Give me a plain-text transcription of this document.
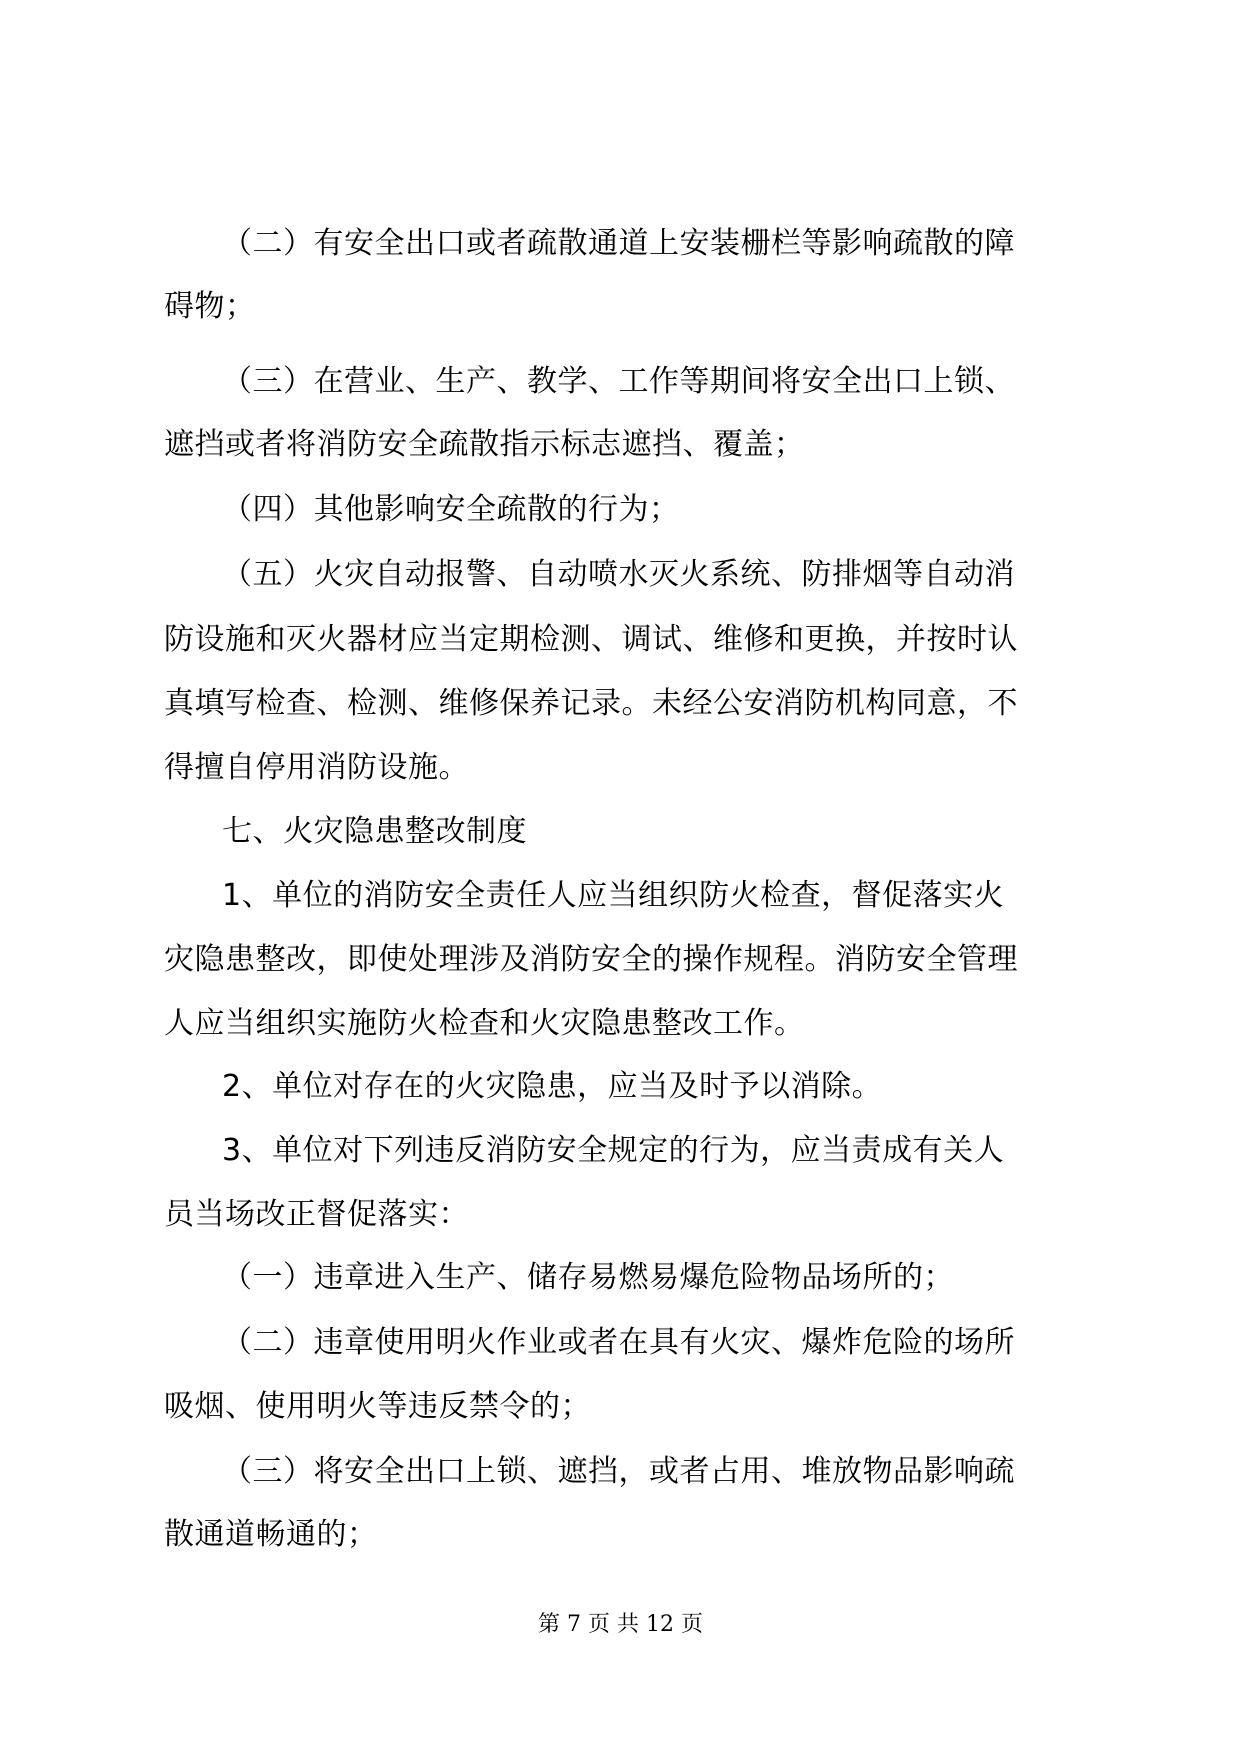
（二）有安全出口或者疏散通道上安装栅栏等影响疏散的障
碍物；
（三）在营业、生产、教学、工作等期间将安全出口上锁、
遮挡或者将消防安全疏散指示标志遮挡、覆盖；
（四）其他影响安全疏散的行为；
（五）火灾自动报警、自动喷水灭火系统、防排烟等自动消
防设施和灭火器材应当定期检测、调试、维修和更换，并按时认
真填写检查、检测、维修保养记录。未经公安消防机构同意，不
得擅自停用消防设施。
七、火灾隐患整改制度
1、单位的消防安全责任人应当组织防火检查，督促落实火
灾隐患整改，即使处理涉及消防安全的操作规程。消防安全管理
人应当组织实施防火检查和火灾隐患整改工作。
2、单位对存在的火灾隐患，应当及时予以消除。
3、单位对下列违反消防安全规定的行为，应当责成有关人
员当场改正督促落实：
（一）违章进入生产、储存易燃易爆危险物品场所的；
（二）违章使用明火作业或者在具有火灾、爆炸危险的场所
吸烟、使用明火等违反禁令的；
（三）将安全出口上锁、遮挡，或者占用、堆放物品影响疏
散通道畅通的；
第 7 页 共 12 页
